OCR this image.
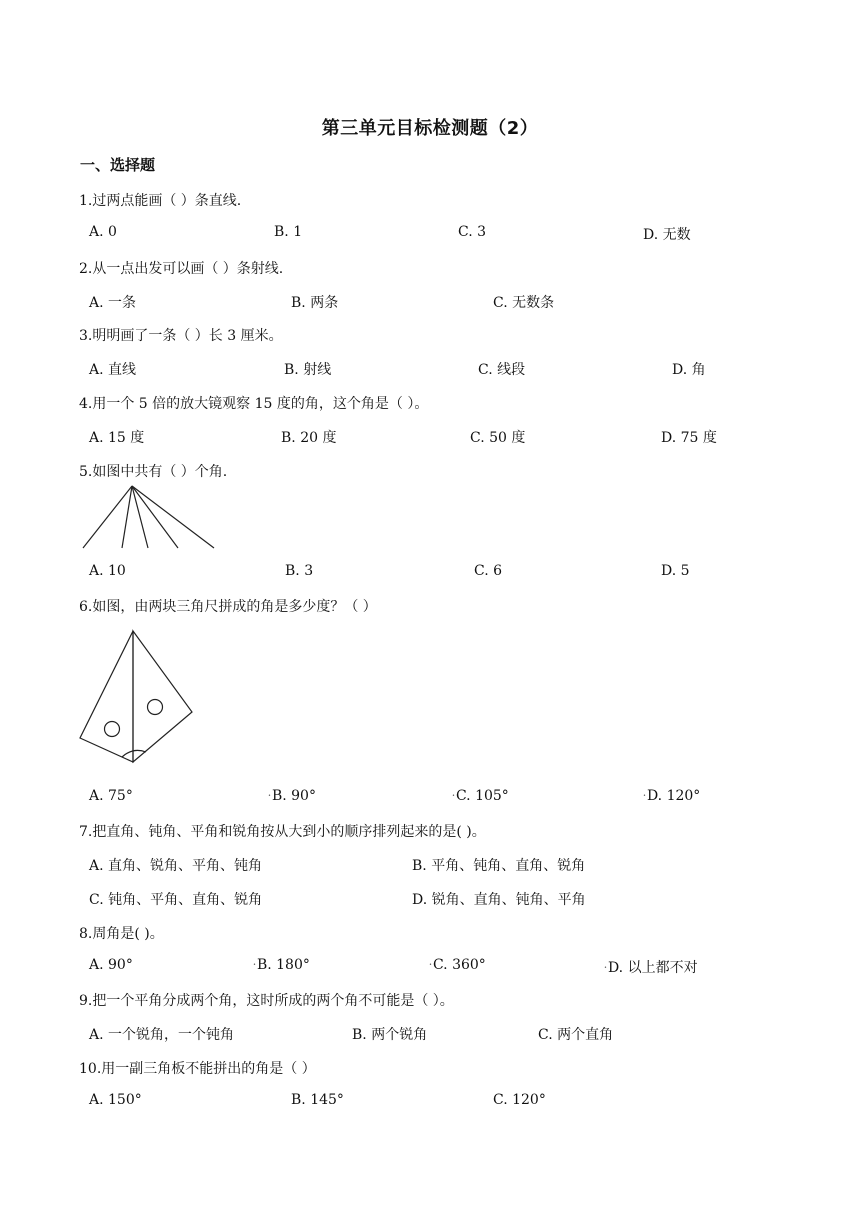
第三单元目标检测题（2）
一、选择题
1.过两点能画（ ）条直线.
A. 0	B. 1	C. 3	D. 无数
2.从一点出发可以画（ ）条射线.
A. 一条	B. 两条	C. 无数条
3.明明画了一条（ ）长 3 厘米。
A. 直线	B. 射线	C. 线段	D. 角
4.用一个 5 倍的放大镜观察 15 度的角，这个角是（ ）。
A. 15 度	B. 20 度	C. 50 度	D. 75 度
5.如图中共有（ ）个角.
A. 10	B. 3	C. 6	D. 5
6.如图，由两块三角尺拼成的角是多少度？（ ）
A. 75°	•B. 90°	•C. 105°	•D. 120°
7.把直角、钝角、平角和锐角按从大到小的顺序排列起来的是( )。
A. 直角、锐角、平角、钝角	B. 平角、钝角、直角、锐角
C. 钝角、平角、直角、锐角	D. 锐角、直角、钝角、平角
8.周角是( )。
A. 90°	•B. 180°	•C. 360°	•D. 以上都不对
9.把一个平角分成两个角，这时所成的两个角不可能是（ ）。
A. 一个锐角，一个钝角	B. 两个锐角	C. 两个直角
10.用一副三角板不能拼出的角是（ ）
A. 150°	B. 145°	C. 120°
